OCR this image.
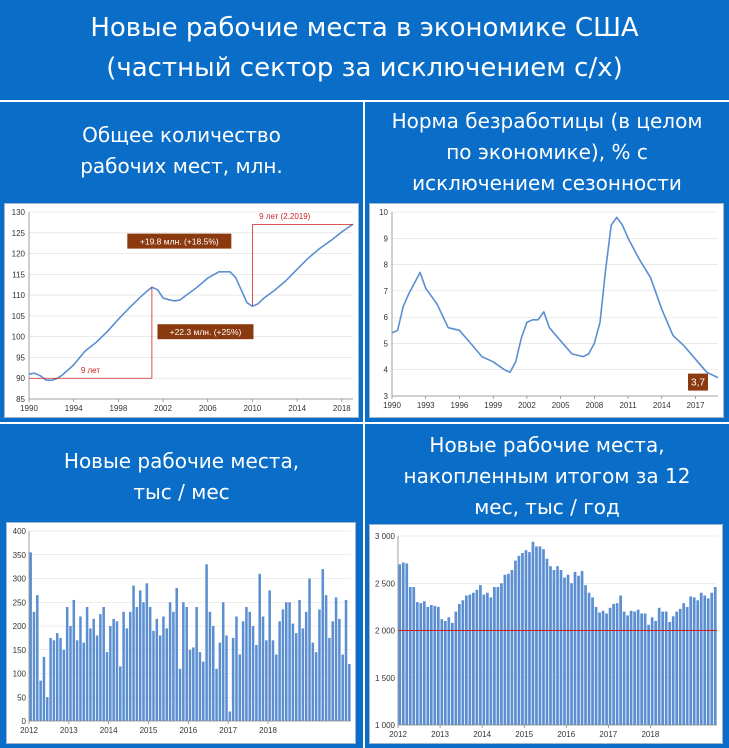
Новые рабочие места в экономике США
(частный сектор за исключением с/х)
Общее количество
рабочих мест, млн.
Норма безработицы (в целом
по экономике), % с
исключением сезонности
Новые рабочие места,
тыс / мес
Новые рабочие места,
накопленным итогом за 12
мес, тыс / год
85
90
95
100
105
110
115
120
125
130
1990	1994	1998	2002	2006	2010	2014	2018
9 лет
9 лет (2.2019)
+19.8 млн. (+18.5%)
+22.3 млн. (+25%)
3
4
5
6
7
8
9
10
1990 1993 1996 1999 2002 2005 2008 2011 2014 2017
3,7
0
50
100
150
200
250
300
350
400
2012	2013	2014	2015	2016	2017	2018
1 000
1 500
2 000
2 500
3 000
2012	2013	2014	2015	2016	2017	2018
